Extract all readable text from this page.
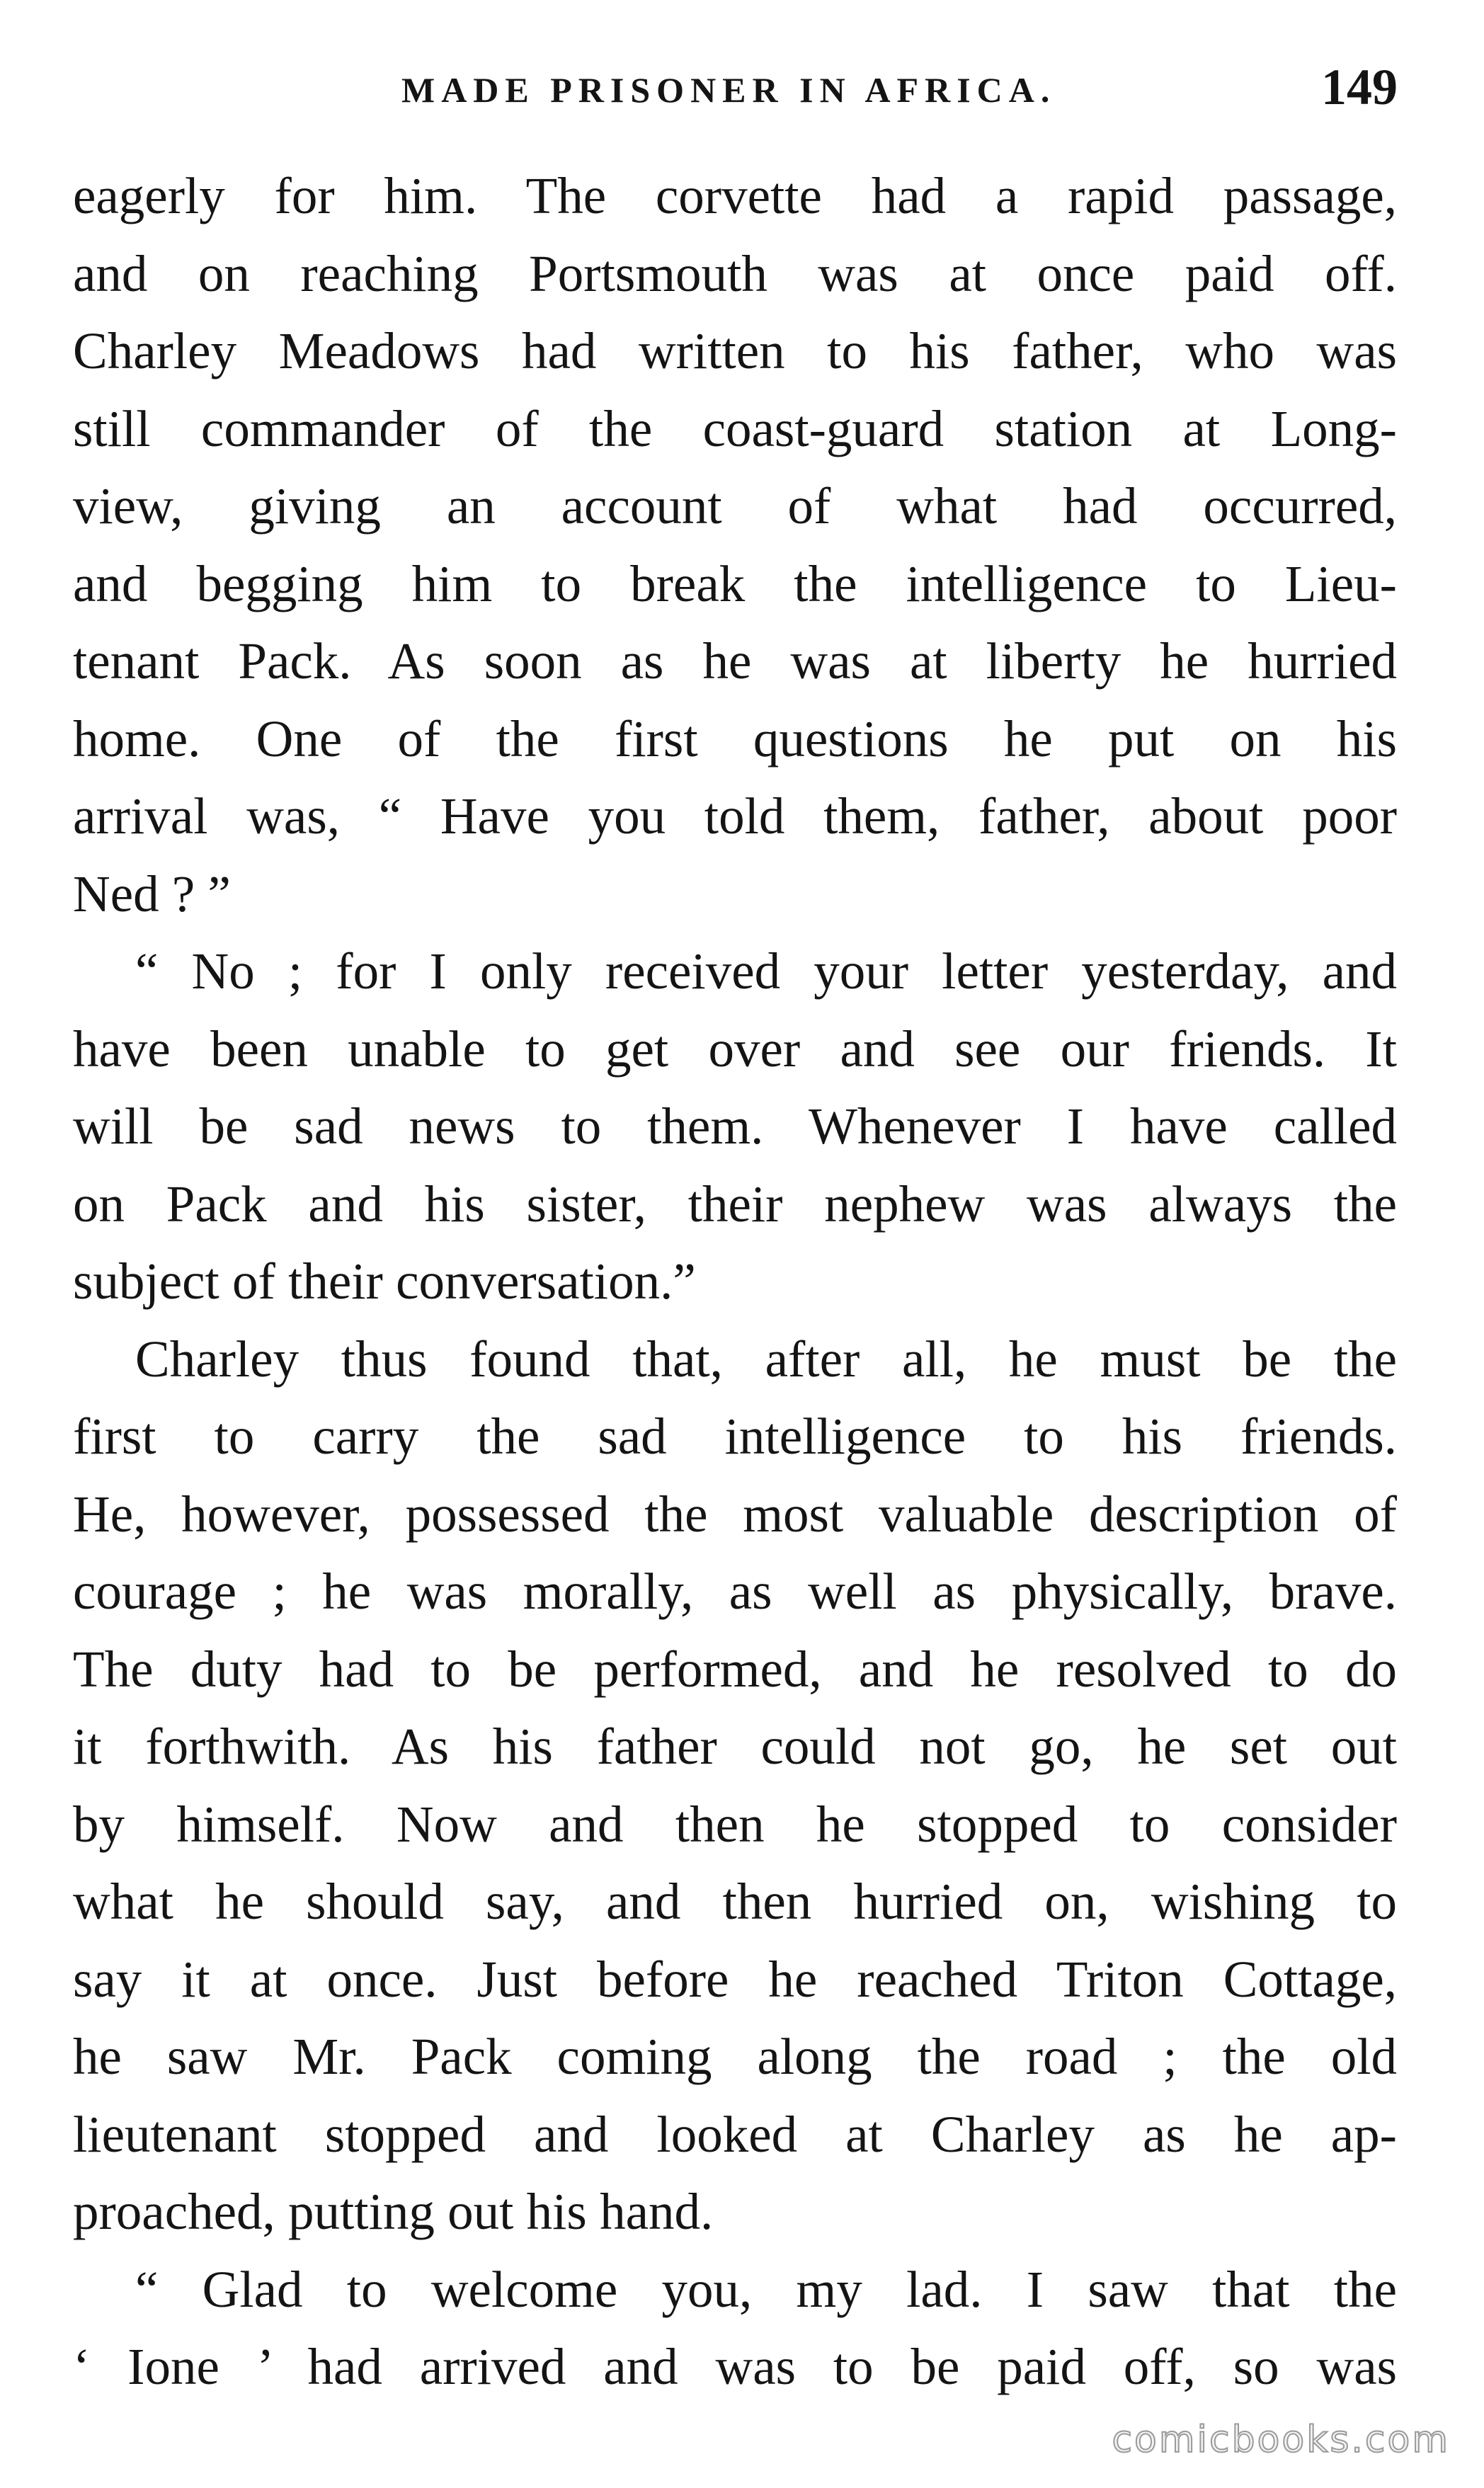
MADE PRISONER IN AFRICA.	149
eagerly for him. The corvette had a rapid passage,
and on reaching Portsmouth was at once paid off.
Charley Meadows had written to his father, who was
still commander of the coast-guard station at Long-
view, giving an account of what had occurred,
and begging him to break the intelligence to Lieu-
tenant Pack. As soon as he was at liberty he hurried
home. One of the first questions he put on his
arrival was, “ Have you told them, father, about poor
Ned ? ”
“ No ; for I only received your letter yesterday, and
have been unable to get over and see our friends. It
will be sad news to them. Whenever I have called
on Pack and his sister, their nephew was always the
subject of their conversation.”
Charley thus found that, after all, he must be the
first to carry the sad intelligence to his friends.
He, however, possessed the most valuable description of
courage ; he was morally, as well as physically, brave.
The duty had to be performed, and he resolved to do
it forthwith. As his father could not go, he set out
by himself. Now and then he stopped to consider
what he should say, and then hurried on, wishing to
say it at once. Just before he reached Triton Cottage,
he saw Mr. Pack coming along the road ; the old
lieutenant stopped and looked at Charley as he ap-
proached, putting out his hand.
“ Glad to welcome you, my lad. I saw that the
‘ Ione ’ had arrived and was to be paid off, so was
comicbooks.com
